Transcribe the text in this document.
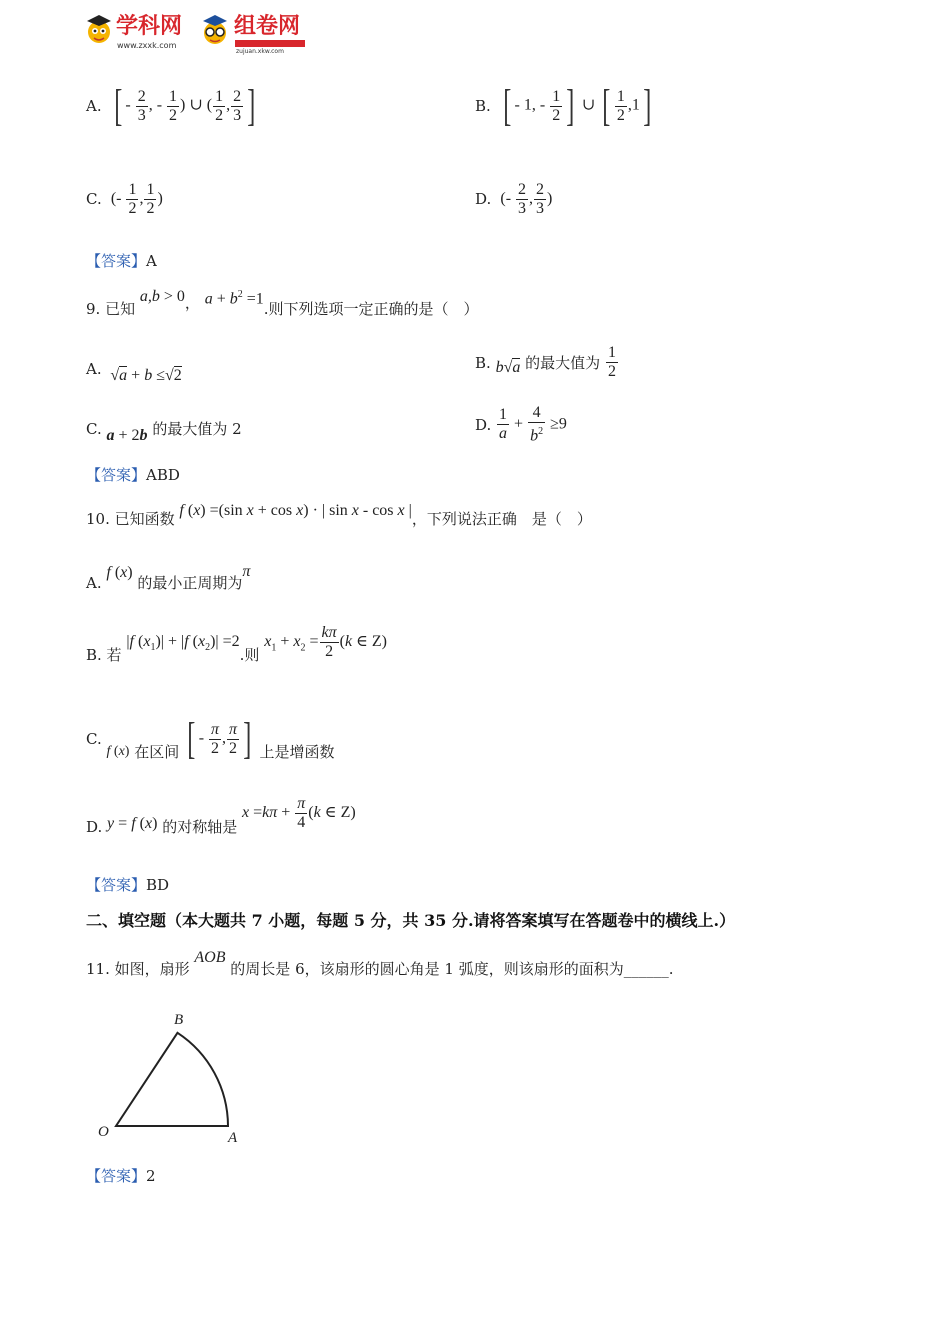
学科网
www.zxxk.com
组卷网
zujuan.xkw.com
A. [ - $\frac{2}{3}$ , - $\frac{1}{2}$ ) ∪ ( $\frac{1}{2}$ , $\frac{2}{3}$ ]	B. [ - 1, - $\frac{1}{2}$ ] ∪ [ $\frac{1}{2} ,1$]
C. (- $\frac{1}{2}$ , $\frac{1}{2}$ )	D. (- $\frac{2}{3}$ , $\frac{2}{3}$ )
【答案】A
9. 已知 a,b > 0， $a + b^2 =1$.则下列选项一定正确的是（　）
A. √a + b ≤√2
B. b√a 的最大值为 $\frac{1}{2}$
C. a + 2b 的最大值为 2	D. $\frac{1}{a} + \frac{4}{b^2} \ge 9$
【答案】ABD
10. 已知函数 f (x) =(sin x + cos x) · | sin x - cos x |，下列说法正确　是（　）
A. f (x) 的最小正周期为π
B. 若 |f $(x_1)| + |f$ $(x_2)| =2$.则 $x_1 + x_2 = \frac{k\pi}{2} (k$ ∈ Z)
C. f (x) 在区间 [ - $\frac{\pi}{2}$ , $\frac{\pi}{2}$ ] 上是增函数
D. y = f (x) 的对称轴是 $x =k\pi + \frac{\pi}{4} (k$ ∈ Z)
【答案】BD
二、填空题（本大题共 7 小题，每题 5 分，共 35 分.请将答案填写在答题卷中的横线上.）
11. 如图，扇形 AOB 的周长是 6，该扇形的圆心角是 1 弧度，则该扇形的面积为______.
B
O	A
【答案】2
